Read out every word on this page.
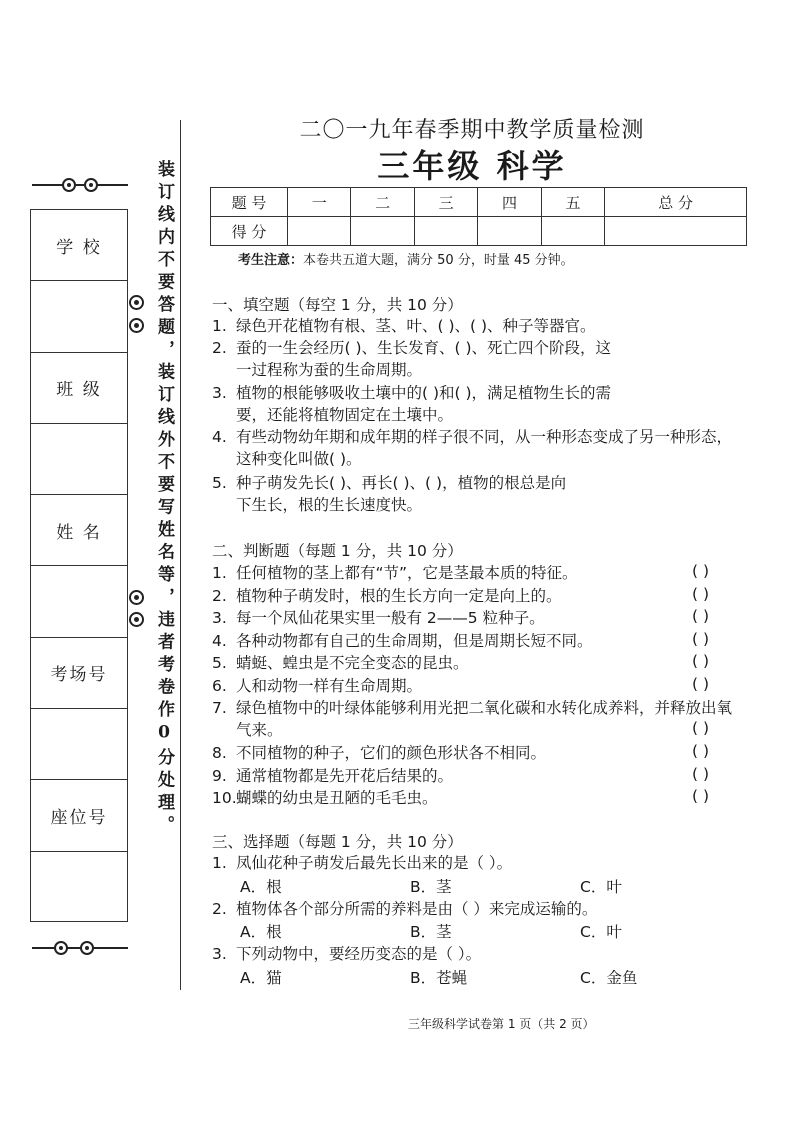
学 校
班 级
姓 名
考场号
座位号	装订线内不要答题，装订线外不要写姓名等，违者考卷作0分处理。
二〇一九年春季期中教学质量检测
三年级 科学
题 号	一	二	三	四	五	总 分
得 分						
考生注意：本卷共五道大题，满分 50 分，时量 45 分钟。
一、填空题（每空 1 分，共 10 分）
1. 绿色开花植物有根、茎、叶、( )、( )、种子等器官。
2. 蚕的一生会经历( )、生长发育、( )、死亡四个阶段，这
一过程称为蚕的生命周期。
3. 植物的根能够吸收土壤中的( )和( )，满足植物生长的需
要，还能将植物固定在土壤中。
4. 有些动物幼年期和成年期的样子很不同，从一种形态变成了另一种形态，
这种变化叫做( )。
5. 种子萌发先长( )、再长( )、( )，植物的根总是向
下生长，根的生长速度快。
二、判断题（每题 1 分，共 10 分）
1. 任何植物的茎上都有“节”，它是茎最本质的特征。	( )
2. 植物种子萌发时，根的生长方向一定是向上的。	( )
3. 每一个凤仙花果实里一般有 2——5 粒种子。	( )
4. 各种动物都有自己的生命周期，但是周期长短不同。	( )
5. 蜻蜓、蝗虫是不完全变态的昆虫。	( )
6. 人和动物一样有生命周期。	( )
7. 绿色植物中的叶绿体能够利用光把二氧化碳和水转化成养料，并释放出氧
气来。	( )
8. 不同植物的种子，它们的颜色形状各不相同。	( )
9. 通常植物都是先开花后结果的。	( )
10.蝴蝶的幼虫是丑陋的毛毛虫。	( )
三、选择题（每题 1 分，共 10 分）
1. 凤仙花种子萌发后最先长出来的是（ ）。
A．根	B．茎	C．叶
2. 植物体各个部分所需的养料是由（ ）来完成运输的。
A．根	B．茎	C．叶
3. 下列动物中，要经历变态的是（ ）。
A．猫	B．苍蝇	C．金鱼
三年级科学试卷第 1 页（共 2 页）
